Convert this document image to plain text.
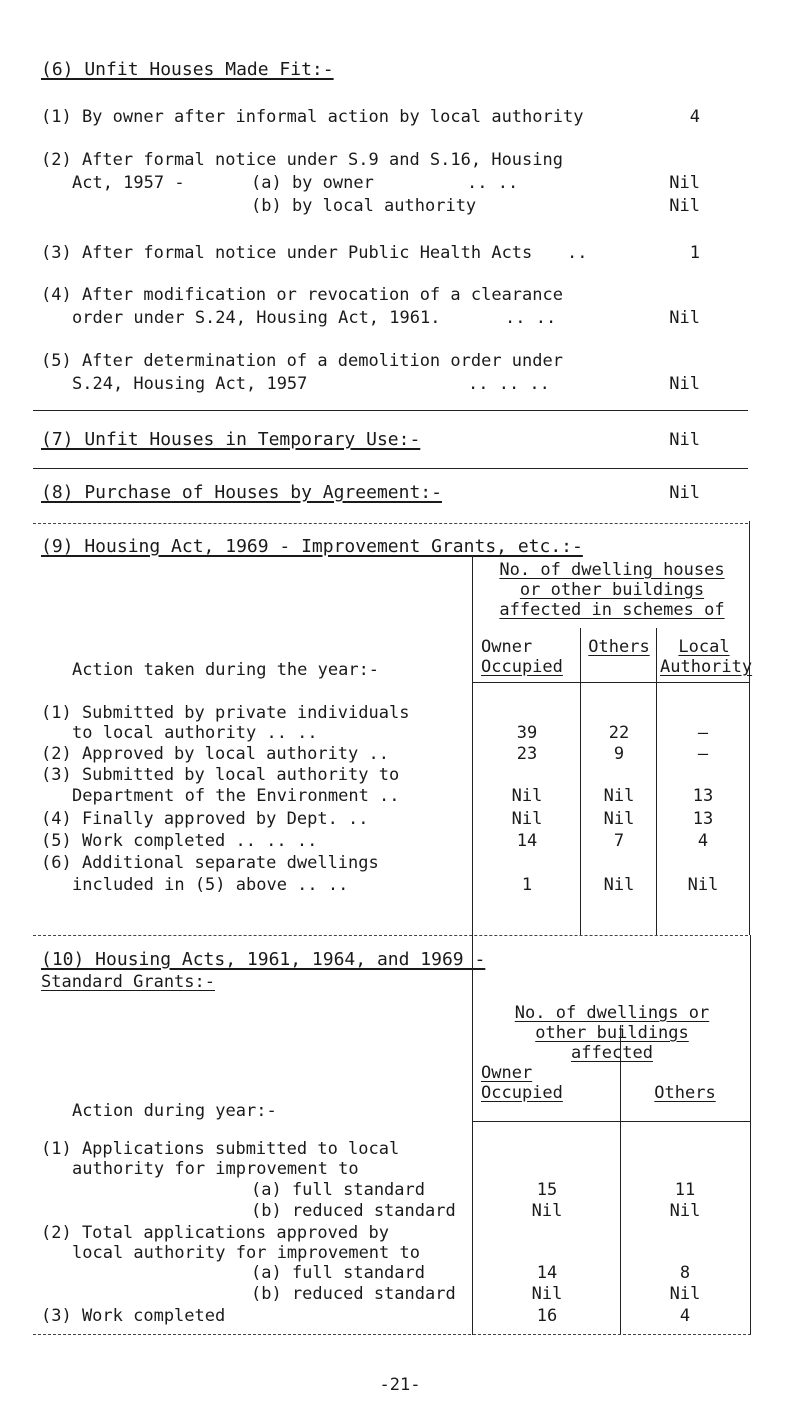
(6) Unfit Houses Made Fit:-
(1) By owner after informal action by local authority	4
(2) After formal notice under S.9 and S.16, Housing
Act, 1957 -	(a) by owner	.. ..	Nil
(b) by local authority	Nil
(3) After formal notice under Public Health Acts ..	1
(4) After modification or revocation of a clearance
order under S.24, Housing Act, 1961.	.. ..	Nil
(5) After determination of a demolition order under
S.24, Housing Act, 1957	.. .. ..	Nil
(7) Unfit Houses in Temporary Use:-	Nil
(8) Purchase of Houses by Agreement:-	Nil
(9) Housing Act, 1969 - Improvement Grants, etc.:-
No. of dwelling houses
or other buildings
affected in schemes of
Owner
Occupied
Others	Local
Authority
Action taken during the year:-
(1) Submitted by private individuals
to local authority .. ..	39	22	–
(2) Approved by local authority ..	23	9	–
(3) Submitted by local authority to
Department of the Environment ..	Nil	Nil	13
(4) Finally approved by Dept. ..	Nil	Nil	13
(5) Work completed .. .. ..	14	7	4
(6) Additional separate dwellings
included in (5) above .. ..	1	Nil	Nil
(10) Housing Acts, 1961, 1964, and 1969 -
Standard Grants:-
No. of dwellings or
other buildings
affected
Owner
Occupied	Others
Action during year:-
(1) Applications submitted to local
authority for improvement to
(a) full standard	15	11
(b) reduced standard	Nil	Nil
(2) Total applications approved by
local authority for improvement to
(a) full standard	14	8
(b) reduced standard	Nil	Nil
(3) Work completed	16	4
-21-
